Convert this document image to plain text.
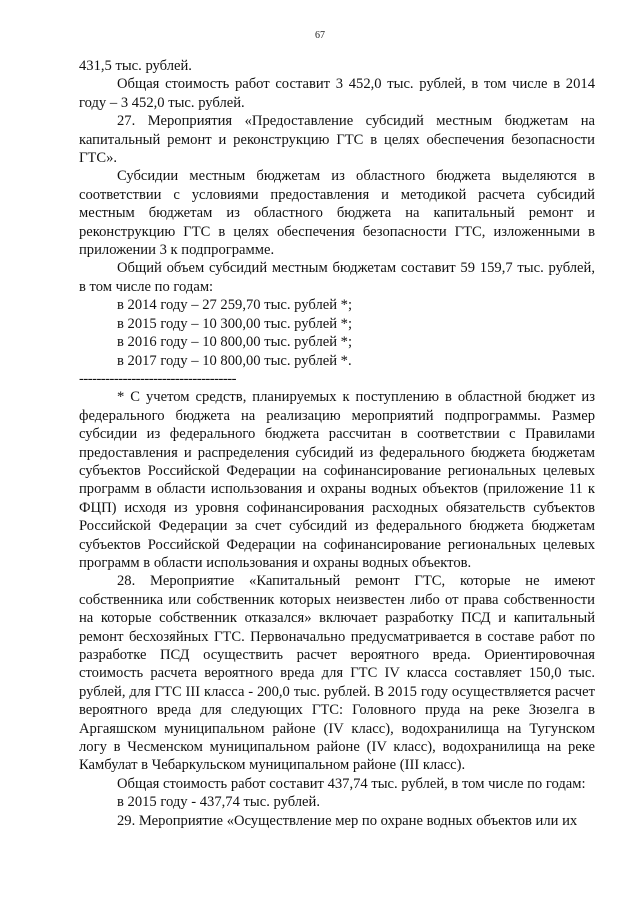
67

431,5 тыс. рублей.

Общая стоимость работ составит 3 452,0 тыс. рублей, в том числе в 2014 году – 3 452,0 тыс. рублей.

27. Мероприятия «Предоставление субсидий местным бюджетам на капитальный ремонт и реконструкцию ГТС в целях обеспечения безопасности ГТС».

Субсидии местным бюджетам из областного бюджета выделяются в соответствии с условиями предоставления и методикой расчета субсидий местным бюджетам из областного бюджета на капитальный ремонт и реконструкцию ГТС в целях обеспечения безопасности ГТС, изложенными в приложении 3 к подпрограмме.

Общий объем субсидий местным бюджетам составит 59 159,7 тыс. рублей, в том числе по годам:

в 2014 году – 27 259,70 тыс. рублей *;

в 2015 году – 10 300,00 тыс. рублей *;

в 2016 году – 10 800,00 тыс. рублей *;

в 2017 году – 10 800,00 тыс. рублей *.

------------------------------------

* С учетом средств, планируемых к поступлению в областной бюджет из федерального бюджета на реализацию мероприятий подпрограммы. Размер субсидии из федерального бюджета рассчитан в соответствии с Правилами предоставления и распределения субсидий из федерального бюджета бюджетам субъектов Российской Федерации на софинансирование региональных целевых программ в области использования и охраны водных объектов (приложение 11 к ФЦП) исходя из уровня софинансирования расходных обязательств субъектов Российской Федерации за счет субсидий из федерального бюджета бюджетам субъектов Российской Федерации на софинансирование региональных целевых программ в области использования и охраны водных объектов.

28. Мероприятие «Капитальный ремонт ГТС, которые не имеют собственника или собственник которых неизвестен либо от права собственности на которые собственник отказался» включает разработку ПСД и капитальный ремонт бесхозяйных ГТС. Первоначально предусматривается в составе работ по разработке ПСД осуществить расчет вероятного вреда. Ориентировочная стоимость расчета вероятного вреда для ГТС IV класса составляет 150,0 тыс. рублей, для ГТС III класса - 200,0 тыс. рублей. В 2015 году осуществляется расчет вероятного вреда для следующих ГТС: Головного пруда на реке Зюзелга в Аргаяшском муниципальном районе (IV класс), водохранилища на Тугунском логу в Чесменском муниципальном районе (IV класс), водохранилища на реке Камбулат в Чебаркульском муниципальном районе (III класс).

Общая стоимость работ составит 437,74 тыс. рублей, в том числе по годам:

в 2015 году - 437,74 тыс. рублей.

29. Мероприятие «Осуществление мер по охране водных объектов или их
